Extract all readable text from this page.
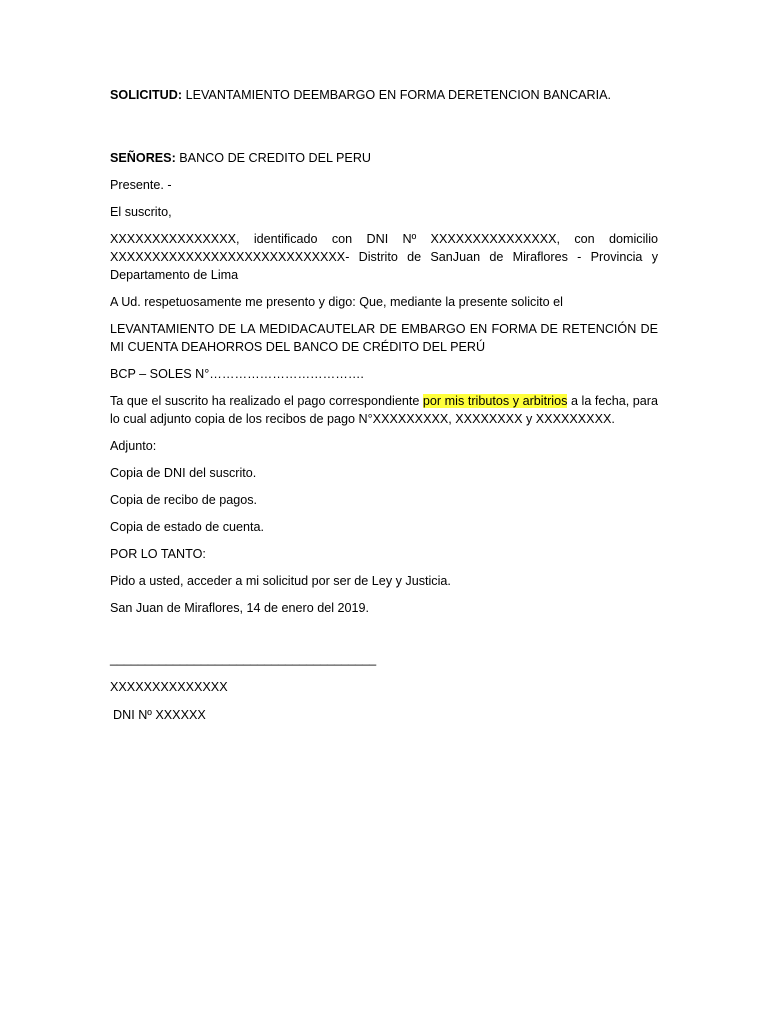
SOLICITUD: LEVANTAMIENTO DEEMBARGO EN FORMA DERETENCION BANCARIA.

SEÑORES: BANCO DE CREDITO DEL PERU

Presente. -

El suscrito,

XXXXXXXXXXXXXXX, identificado con DNI Nº XXXXXXXXXXXXXXX, con domicilio XXXXXXXXXXXXXXXXXXXXXXXXXXXX- Distrito de SanJuan de Miraflores - Provincia y Departamento de Lima

A Ud. respetuosamente me presento y digo: Que, mediante la presente solicito el

LEVANTAMIENTO DE LA MEDIDACAUTELAR DE EMBARGO EN FORMA DE RETENCIÓN DE MI CUENTA DEAHORROS DEL BANCO DE CRÉDITO DEL PERÚ

BCP – SOLES N°……………………………….

Ta que el suscrito ha realizado el pago correspondiente por mis tributos y arbitrios a la fecha, para lo cual adjunto copia de los recibos de pago N°XXXXXXXXX, XXXXXXXX y XXXXXXXXX.

Adjunto:

Copia de DNI del suscrito.

Copia de recibo de pagos.

Copia de estado de cuenta.

POR LO TANTO:

Pido a usted, acceder a mi solicitud por ser de Ley y Justicia.

San Juan de Miraflores, 14 de enero del 2019.

______________________________________

XXXXXXXXXXXXXX

DNI Nº XXXXXX
